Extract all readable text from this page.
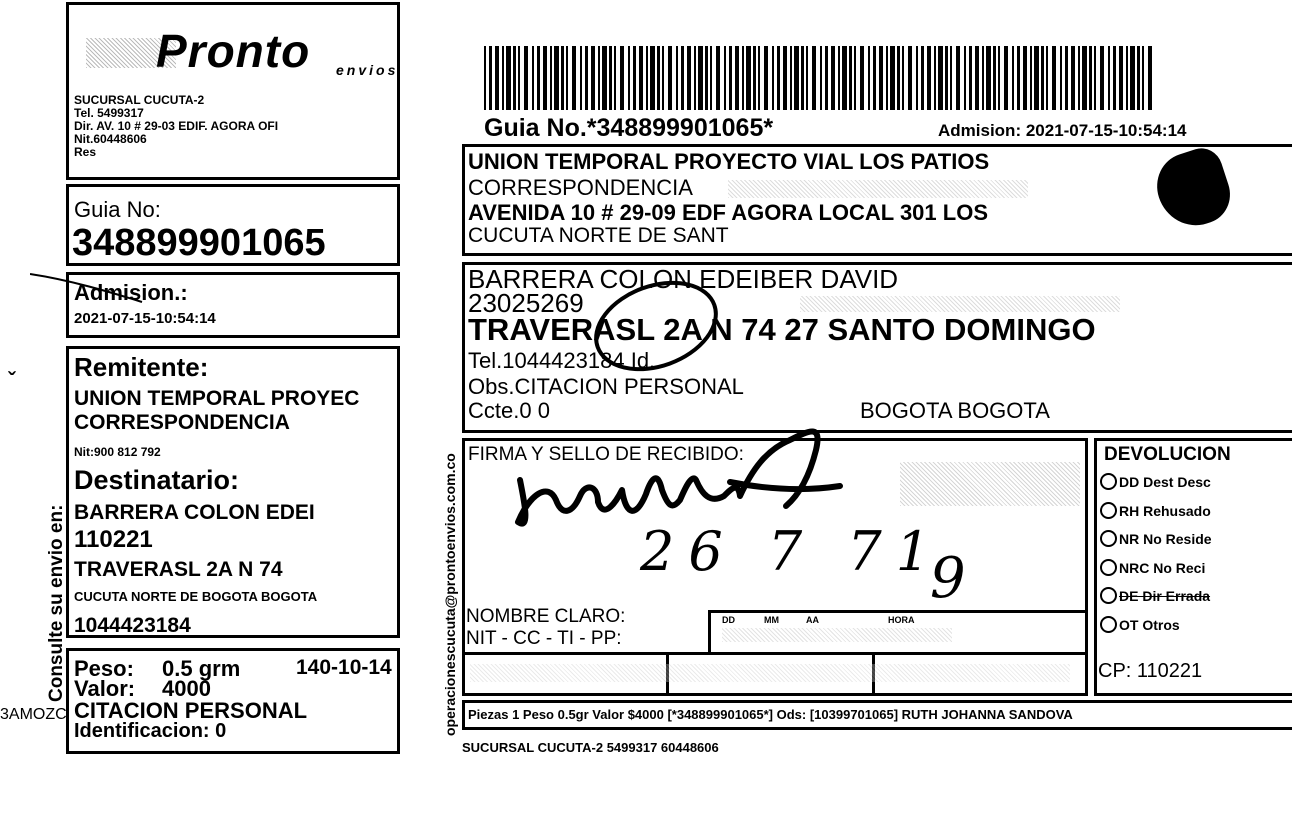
Pronto envios
SUCURSAL CUCUTA-2
Tel. 5499317
Dir. AV. 10 # 29-03 EDIF. AGORA OFI
Nit.60448606
Res
Guia No:
348899901065
Admision.:
2021-07-15-10:54:14
Remitente:
UNION TEMPORAL PROYEC
CORRESPONDENCIA
Nit:900 812 792
Destinatario:
BARRERA COLON EDEI
110221
TRAVERASL 2A N 74
CUCUTA NORTE DE BOGOTA BOGOTA
1044423184
Peso: 0.5 grm	140-10-14
Valor: 4000
CITACION PERSONAL
Identificacion: 0
3AMOZC
Consulte su envio en:
ˇ
Guia No.*348899901065*	Admision: 2021-07-15-10:54:14
UNION TEMPORAL PROYECTO VIAL LOS PATIOS
CORRESPONDENCIA
AVENIDA 10 # 29-09 EDF AGORA LOCAL 301 LOS
CUCUTA NORTE DE SANT
BARRERA COLON EDEIBER DAVID
23025269
TRAVERASL 2A N 74 27 SANTO DOMINGO
Tel.1044423184 Id.
Obs.CITACION PERSONAL
Ccte.0 0	BOGOTA BOGOTA
operacionescucuta@prontoenvios.com.co FIRMA Y SELLO DE RECIBIDO:
NOMBRE CLARO:
NIT - CC - TI - PP:
DD	MM	AA	HORA
26 7 71
9
DEVOLUCION
DD Dest Desc
RH Rehusado
NR No Reside
NRC No Reci
DE Dir Errada
OT Otros
CP: 110221
Piezas 1 Peso 0.5gr Valor $4000 [*348899901065*] Ods: [10399701065] RUTH JOHANNA SANDOVA
SUCURSAL CUCUTA-2 5499317 60448606
